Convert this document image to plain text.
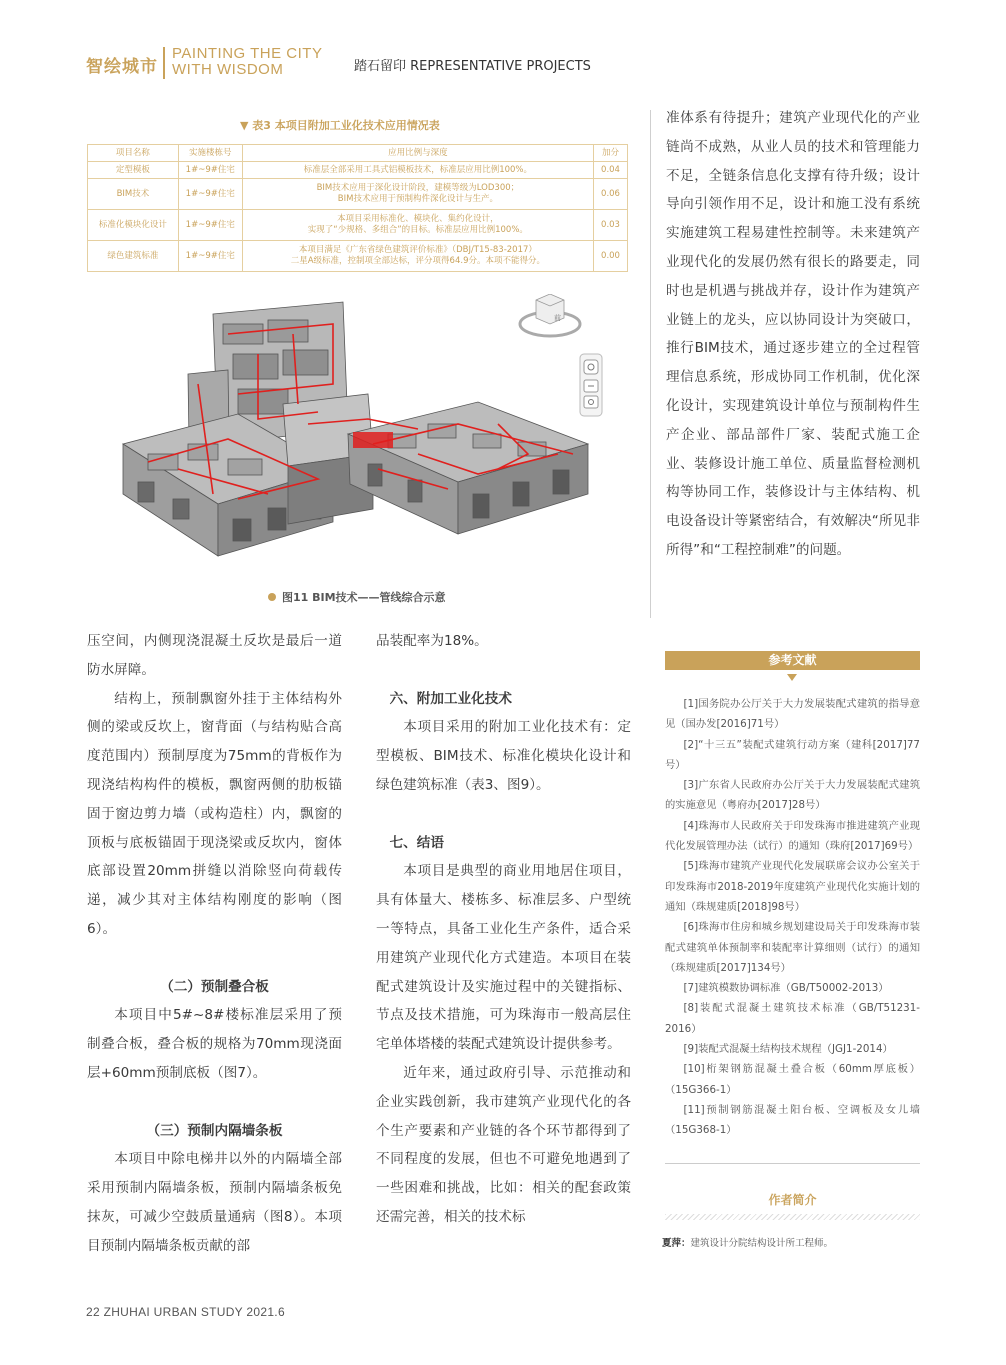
智绘城市
PAINTING THE CITY
WITH WISDOM	踏石留印 REPRESENTATIVE PROJECTS
▼ 表3 本项目附加工业化技术应用情况表
项目名称	实施楼栋号	应用比例与深度	加分
定型模板	1#~9#住宅	标准层全部采用工具式铝模板技术，标准层应用比例100%。	0.04
BIM技术	1#~9#住宅	BIM技术应用于深化设计阶段，建模等级为LOD300；
BIM技术应用于预制构件深化设计与生产。	0.06
标准化模块化设计	1#~9#住宅	本项目采用标准化、模块化、集约化设计，
实现了“少规格、多组合”的目标。标准层应用比例100%。	0.03
绿色建筑标准	1#~9#住宅	本项目满足《广东省绿色建筑评价标准》（DBJ/T15-83-2017）
二星A级标准，控制项全部达标，评分项得64.9分。本项不能得分。	0.00
前
图11 BIM技术——管线综合示意

准体系有待提升；建筑产业现代化的产业链尚不成熟，从业人员的技术和管理能力不足，全链条信息化支撑有待升级；设计导向引领作用不足，设计和施工没有系统实施建筑工程易建性控制等。未来建筑产业现代化的发展仍然有很长的路要走，同时也是机遇与挑战并存，设计作为建筑产业链上的龙头，应以协同设计为突破口，推行BIM技术，通过逐步建立的全过程管理信息系统，形成协同工作机制，优化深化设计，实现建筑设计单位与预制构件生产企业、部品部件厂家、装配式施工企业、装修设计施工单位、质量监督检测机构等协同工作，装修设计与主体结构、机电设备设计等紧密结合，有效解决“所见非所得”和“工程控制难”的问题。

压空间，内侧现浇混凝土反坎是最后一道防水屏障。

结构上，预制飘窗外挂于主体结构外侧的梁或反坎上，窗背面（与结构贴合高度范围内）预制厚度为75mm的背板作为现浇结构构件的模板，飘窗两侧的肋板锚固于窗边剪力墙（或构造柱）内，飘窗的顶板与底板锚固于现浇梁或反坎内，窗体底部设置20mm拼缝以消除竖向荷载传递，减少其对主体结构刚度的影响（图6）。

（二）预制叠合板

本项目中5#~8#楼标准层采用了预制叠合板，叠合板的规格为70mm现浇面层+60mm预制底板（图7）。

（三）预制内隔墙条板

本项目中除电梯井以外的内隔墙全部采用预制内隔墙条板，预制内隔墙条板免抹灰，可减少空鼓质量通病（图8）。本项目预制内隔墙条板贡献的部

品装配率为18%。

六、附加工业化技术

本项目采用的附加工业化技术有：定型模板、BIM技术、标准化模块化设计和绿色建筑标准（表3、图9）。

七、结语

本项目是典型的商业用地居住项目，具有体量大、楼栋多、标准层多、户型统一等特点，具备工业化生产条件，适合采用建筑产业现代化方式建造。本项目在装配式建筑设计及实施过程中的关键指标、节点及技术措施，可为珠海市一般高层住宅单体塔楼的装配式建筑设计提供参考。

近年来，通过政府引导、示范推动和企业实践创新，我市建筑产业现代化的各个生产要素和产业链的各个环节都得到了不同程度的发展，但也不可避免地遇到了一些困难和挑战，比如：相关的配套政策还需完善，相关的技术标

参考文献

[1]国务院办公厅关于大力发展装配式建筑的指导意见（国办发[2016]71号）

[2]“十三五”装配式建筑行动方案（建科[2017]77号）

[3]广东省人民政府办公厅关于大力发展装配式建筑的实施意见（粤府办[2017]28号）

[4]珠海市人民政府关于印发珠海市推进建筑产业现代化发展管理办法（试行）的通知（珠府[2017]69号）

[5]珠海市建筑产业现代化发展联席会议办公室关于印发珠海市2018-2019年度建筑产业现代化实施计划的通知（珠规建质[2018]98号）

[6]珠海市住房和城乡规划建设局关于印发珠海市装配式建筑单体预制率和装配率计算细则（试行）的通知（珠规建质[2017]134号）

[7]建筑模数协调标准（GB/T50002-2013）

[8]装配式混凝土建筑技术标准（GB/T51231-2016）

[9]装配式混凝土结构技术规程（JGJ1-2014）

[10]桁架钢筋混凝土叠合板（60mm厚底板）（15G366-1）

[11]预制钢筋混凝土阳台板、空调板及女儿墙（15G368-1）

作者简介
夏萍：建筑设计分院结构设计所工程师。
22 ZHUHAI URBAN STUDY 2021.6
